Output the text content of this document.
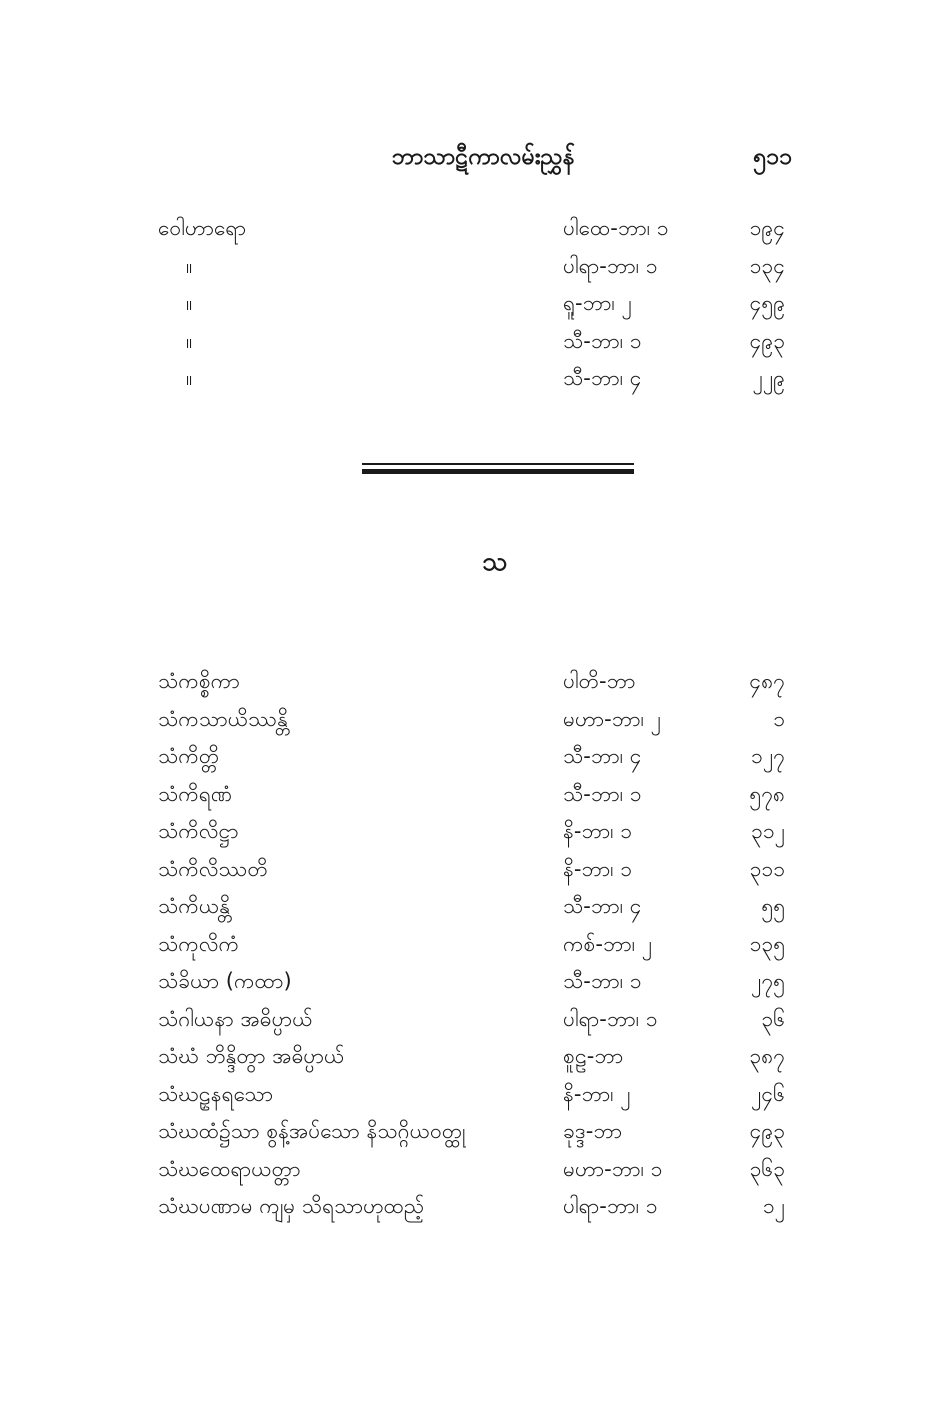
ဘာသာဋီကာလမ်းညွှန်	၅၁၁
ဝေါဟာရော	ပါထေ-ဘာ၊ ၁	၁၉၄
။	ပါရာ-ဘာ၊ ၁	၁၃၄
။	ရူ-ဘာ၊ ၂	၄၅၉
။	သီ-ဘာ၊ ၁	၄၉၃
။	သီ-ဘာ၊ ၄	၂၂၉
သ
သံကစ္စိကာ	ပါတိ-ဘာ	၄၈၇
သံကသာယိဿန္တိ	မဟာ-ဘာ၊ ၂	၁
သံကိတ္တိ	သီ-ဘာ၊ ၄	၁၂၇
သံကိရဏံ	သီ-ဘာ၊ ၁	၅၇၈
သံကိလိဋ္ဌာ	နိ-ဘာ၊ ၁	၃၁၂
သံကိလိဿတိ	နိ-ဘာ၊ ၁	၃၁၁
သံကိယန္တိ	သီ-ဘာ၊ ၄	၅၅
သံကုလိကံ	ကစ်-ဘာ၊ ၂	၁၃၅
သံခိယာ (ကထာ)	သီ-ဘာ၊ ၁	၂၇၅
သံဂါယနာ အဓိပ္ပာယ်	ပါရာ-ဘာ၊ ၁	၃၆
သံဃံ ဘိန္ဒိတွာ အဓိပ္ပာယ်	စူဠ-ဘာ	၃၈၇
သံဃဠှနရသော	နိ-ဘာ၊ ၂	၂၄၆
သံဃထံ၌သာ စွန့်အပ်သော နိသဂ္ဂိယဝတ္ထု	ခုဒ္ဒ-ဘာ	၄၉၃
သံဃထေရာယတ္တာ	မဟာ-ဘာ၊ ၁	၃၆၃
သံဃပဏာမ ကျမှ သိရသာဟုထည့်	ပါရာ-ဘာ၊ ၁	၁၂
